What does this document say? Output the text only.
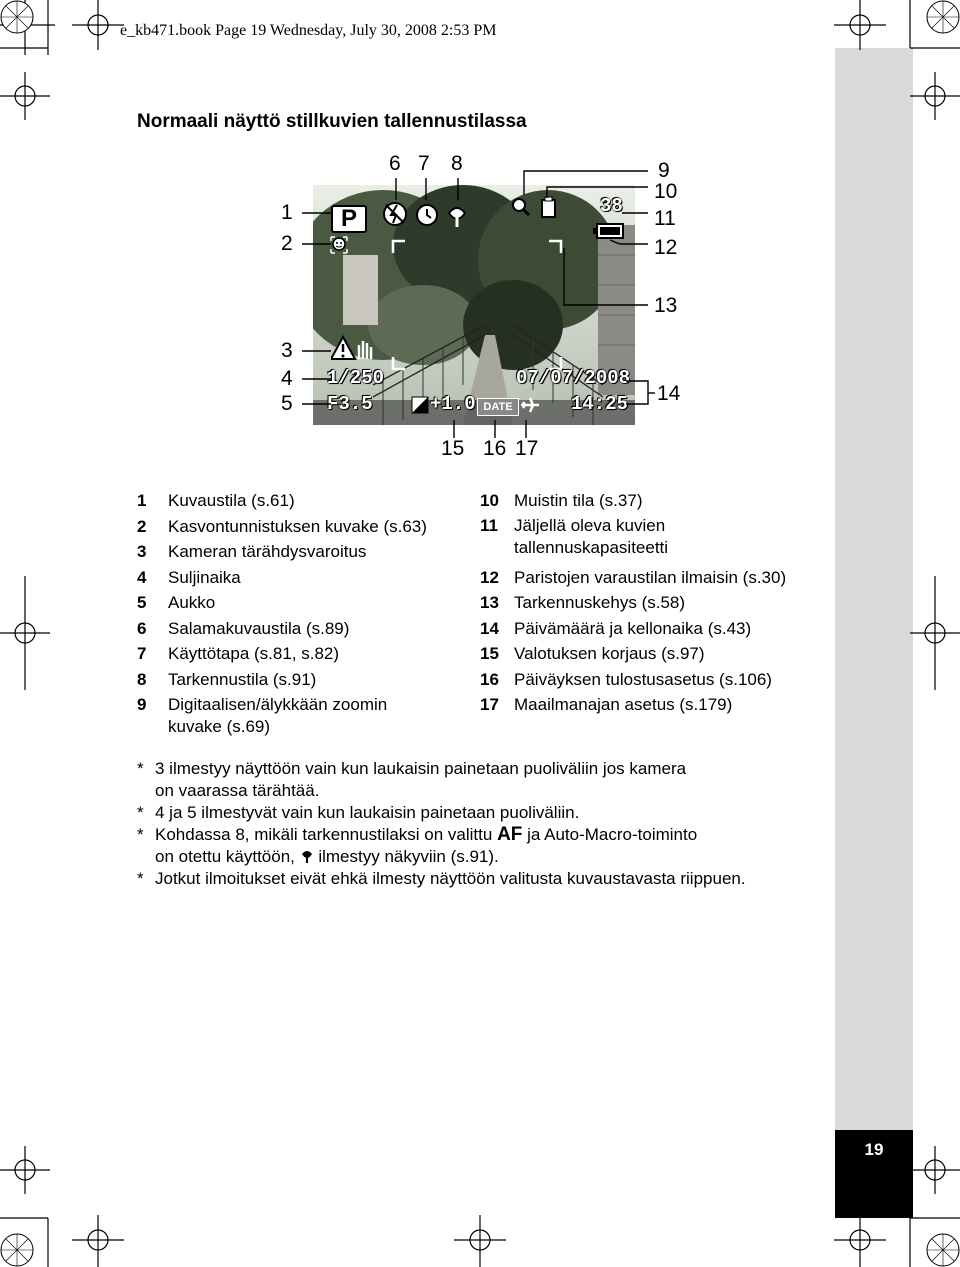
19
e_kb471.book Page 19 Wednesday, July 30, 2008 2:53 PM
Normaali näyttö stillkuvien tallennustilassa
P	38
1/250
F3.5
07/07/2008
14:25
+1.0 DATE
1
2
3
4
5
6 7 8	9
10
11
12
13
14
15 16 17
1 Kuvaustila (s.61)
2 Kasvontunnistuksen kuvake (s.63)
3 Kameran tärähdysvaroitus
4 Suljinaika
5 Aukko
6 Salamakuvaustila (s.89)
7 Käyttötapa (s.81, s.82)
8 Tarkennustila (s.91)
9 Digitaalisen/älykkään zoomin
kuvake (s.69)
10 Muistin tila (s.37)
11 Jäljellä oleva kuvien
tallennuskapasiteetti
12 Paristojen varaustilan ilmaisin (s.30)
13 Tarkennuskehys (s.58)
14 Päivämäärä ja kellonaika (s.43)
15 Valotuksen korjaus (s.97)
16 Päiväyksen tulostusasetus (s.106)
17 Maailmanajan asetus (s.179)
* 3 ilmestyy näyttöön vain kun laukaisin painetaan puoliväliin jos kamera
on vaarassa tärähtää.
* 4 ja 5 ilmestyvät vain kun laukaisin painetaan puoliväliin.
* Kohdassa 8, mikäli tarkennustilaksi on valittu AF ja Auto-Macro-toiminto
on otettu käyttöön,  ilmestyy näkyviin (s.91).
* Jotkut ilmoitukset eivät ehkä ilmesty näyttöön valitusta kuvaustavasta riippuen.
